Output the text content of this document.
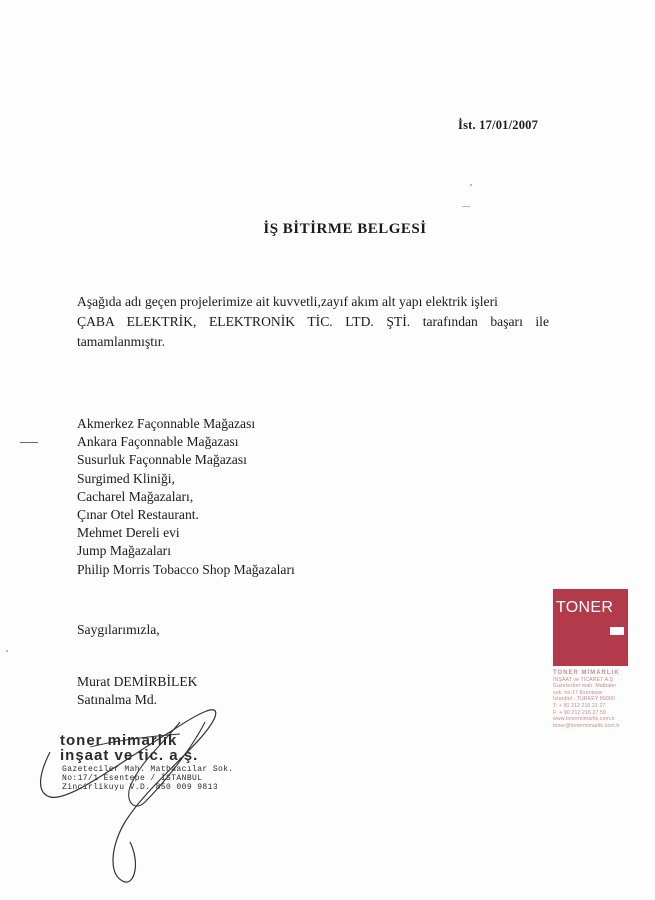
İst. 17/01/2007
İŞ BİTİRME BELGESİ
Aşağıda adı geçen projelerimize ait kuvvetli,zayıf akım alt yapı elektrik işleri
ÇABA ELEKTRİK, ELEKTRONİK TİC. LTD. ŞTİ. tarafından başarı ile
tamamlanmıştır.
Akmerkez Façonnable Mağazası
Ankara Façonnable Mağazası
Susurluk Façonnable Mağazası
Surgimed Kliniği,
Cacharel Mağazaları,
Çınar Otel Restaurant.
Mehmet Dereli evi
Jump Mağazaları
Philip Morris Tobacco Shop Mağazaları
Saygılarımızla,
Murat DEMİRBİLEK
Satınalma Md.
TONER
TONER MİMARLIK
İNŞAAT ve TİCARET A.Ş.
Gazeteciler mah. Matbaler
sok. no:17 Esentepe
İstanbul - TURKEY 80000
T: + 90 212 216 21 27
F: + 90 212 216 27 59
www.tonermimarlik.com.tr
toner@tonermimarlik.com.tr
toner mimarlık
inşaat ve tic. a.ş.
Gazeteciler Mah. Matbaacılar Sok.
No:17/1 Esentepe / İSTANBUL
Zincirlikuyu V.D. 850 009 9813
